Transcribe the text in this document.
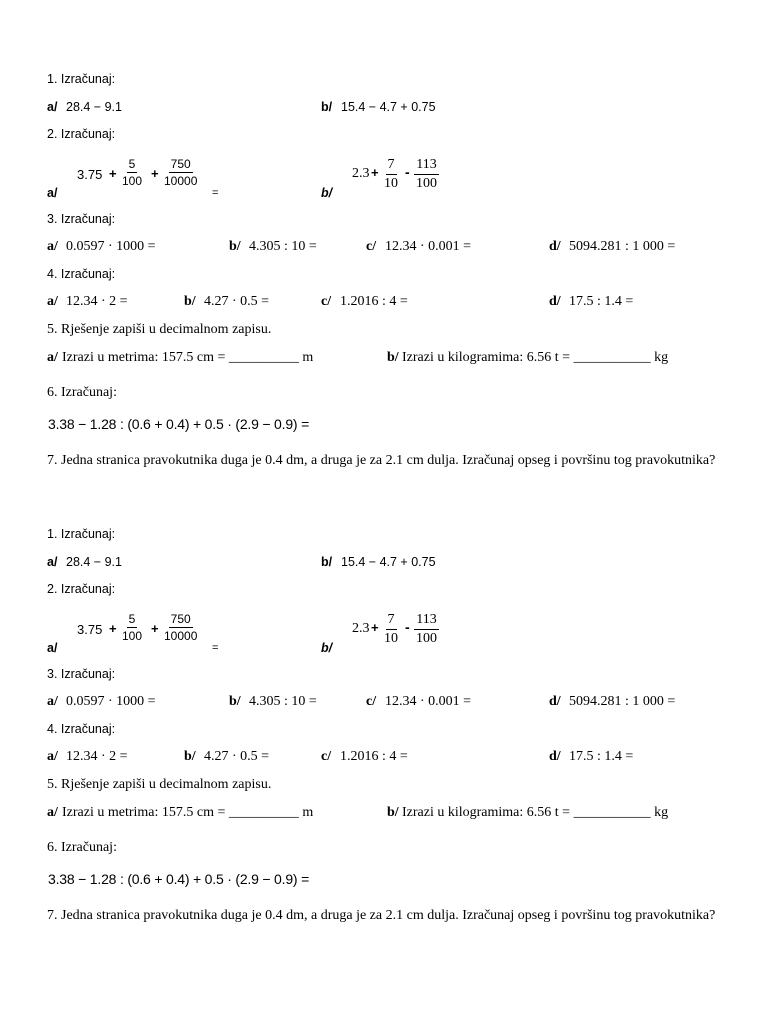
1. Izračunaj:
a/ 28.4 − 9.1	b/ 15.4 − 4.7 + 0.75
2. Izračunaj:
a/
$3.75 + \frac{5}{100} + \frac{750}{10000}$
=	b/
$2.3 + \frac{7}{10} - \frac{113}{100}$
3. Izračunaj:
a/ 0.0597 · 1000 =	b/ 4.305 : 10 =	c/ 12.34 · 0.001 =	d/ 5094.281 : 1 000 =
4. Izračunaj:
a/ 12.34 · 2 =	b/ 4.27 · 0.5 =	c/ 1.2016 : 4 =	d/ 17.5 : 1.4 =
5. Rješenje zapiši u decimalnom zapisu.
a/ Izrazi u metrima: 157.5 cm = __________ m	b/ Izrazi u kilogramima: 6.56 t = ___________ kg
6. Izračunaj:
3.38 − 1.28 : (0.6 + 0.4) + 0.5 · (2.9 − 0.9) =
7. Jedna stranica pravokutnika duga je 0.4 dm, a druga je za 2.1 cm dulja. Izračunaj opseg i površinu tog pravokutnika?
1. Izračunaj:
a/ 28.4 − 9.1	b/ 15.4 − 4.7 + 0.75
2. Izračunaj:
a/
$3.75 + \frac{5}{100} + \frac{750}{10000}$
=	b/
$2.3 + \frac{7}{10} - \frac{113}{100}$
3. Izračunaj:
a/ 0.0597 · 1000 =	b/ 4.305 : 10 =	c/ 12.34 · 0.001 =	d/ 5094.281 : 1 000 =
4. Izračunaj:
a/ 12.34 · 2 =	b/ 4.27 · 0.5 =	c/ 1.2016 : 4 =	d/ 17.5 : 1.4 =
5. Rješenje zapiši u decimalnom zapisu.
a/ Izrazi u metrima: 157.5 cm = __________ m	b/ Izrazi u kilogramima: 6.56 t = ___________ kg
6. Izračunaj:
3.38 − 1.28 : (0.6 + 0.4) + 0.5 · (2.9 − 0.9) =
7. Jedna stranica pravokutnika duga je 0.4 dm, a druga je za 2.1 cm dulja. Izračunaj opseg i površinu tog pravokutnika?
